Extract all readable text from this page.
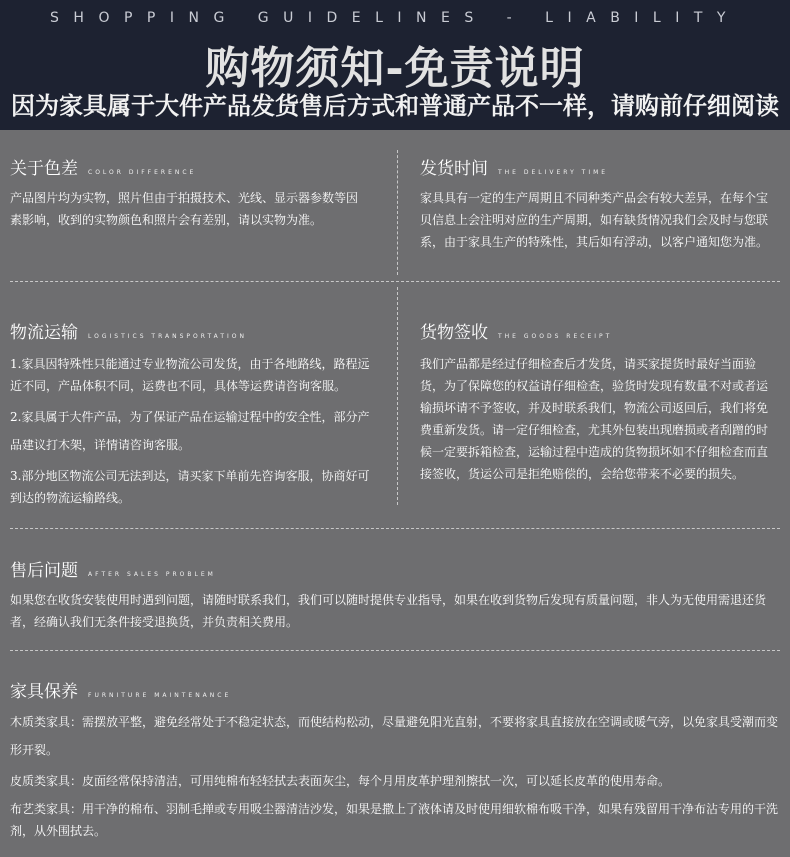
SHOPPING GUIDELINES - LIABILITY
购物须知-免责说明
因为家具属于大件产品发货售后方式和普通产品不一样，请购前仔细阅读
关于色差 COLOR DIFFERENCE

产品图片均为实物，照片但由于拍摄技术、光线、显示器参数等因素影响，收到的实物颜色和照片会有差别，请以实物为准。

发货时间 THE DELIVERY TIME

家具具有一定的生产周期且不同种类产品会有较大差异，在每个宝贝信息上会注明对应的生产周期，如有缺货情况我们会及时与您联系，由于家具生产的特殊性，其后如有浮动，以客户通知您为准。

物流运输 LOGISTICS TRANSPORTATION

1.家具因特殊性只能通过专业物流公司发货，由于各地路线，路程远近不同，产品体积不同，运费也不同，具体等运费请咨询客服。

2.家具属于大件产品，为了保证产品在运输过程中的安全性，部分产品建议打木架，详情请咨询客服。

3.部分地区物流公司无法到达，请买家下单前先咨询客服，协商好可到达的物流运输路线。

货物签收 THE GOODS RECEIPT

我们产品都是经过仔细检查后才发货，请买家提货时最好当面验货，为了保障您的权益请仔细检查，验货时发现有数量不对或者运输损坏请不予签收，并及时联系我们，物流公司返回后，我们将免费重新发货。请一定仔细检查，尤其外包装出现磨损或者刮蹭的时候一定要拆箱检查，运输过程中造成的货物损坏如不仔细检查而直接签收，货运公司是拒绝赔偿的，会给您带来不必要的损失。

售后问题 AFTER SALES PROBLEM

如果您在收货安装使用时遇到问题，请随时联系我们，我们可以随时提供专业指导，如果在收到货物后发现有质量问题，非人为无使用需退还货者，经确认我们无条件接受退换货，并负责相关费用。

家具保养 FURNITURE MAINTENANCE

木质类家具：需摆放平整，避免经常处于不稳定状态，而使结构松动，尽量避免阳光直射，不要将家具直接放在空调或暖气旁，以免家具受潮而变形开裂。

皮质类家具：皮面经常保持清洁，可用纯棉布轻轻拭去表面灰尘，每个月用皮革护理剂擦拭一次，可以延长皮革的使用寿命。

布艺类家具：用干净的棉布、羽制毛掸或专用吸尘器清洁沙发，如果是撒上了液体请及时使用细软棉布吸干净，如果有残留用干净布沾专用的干洗剂，从外围拭去。
